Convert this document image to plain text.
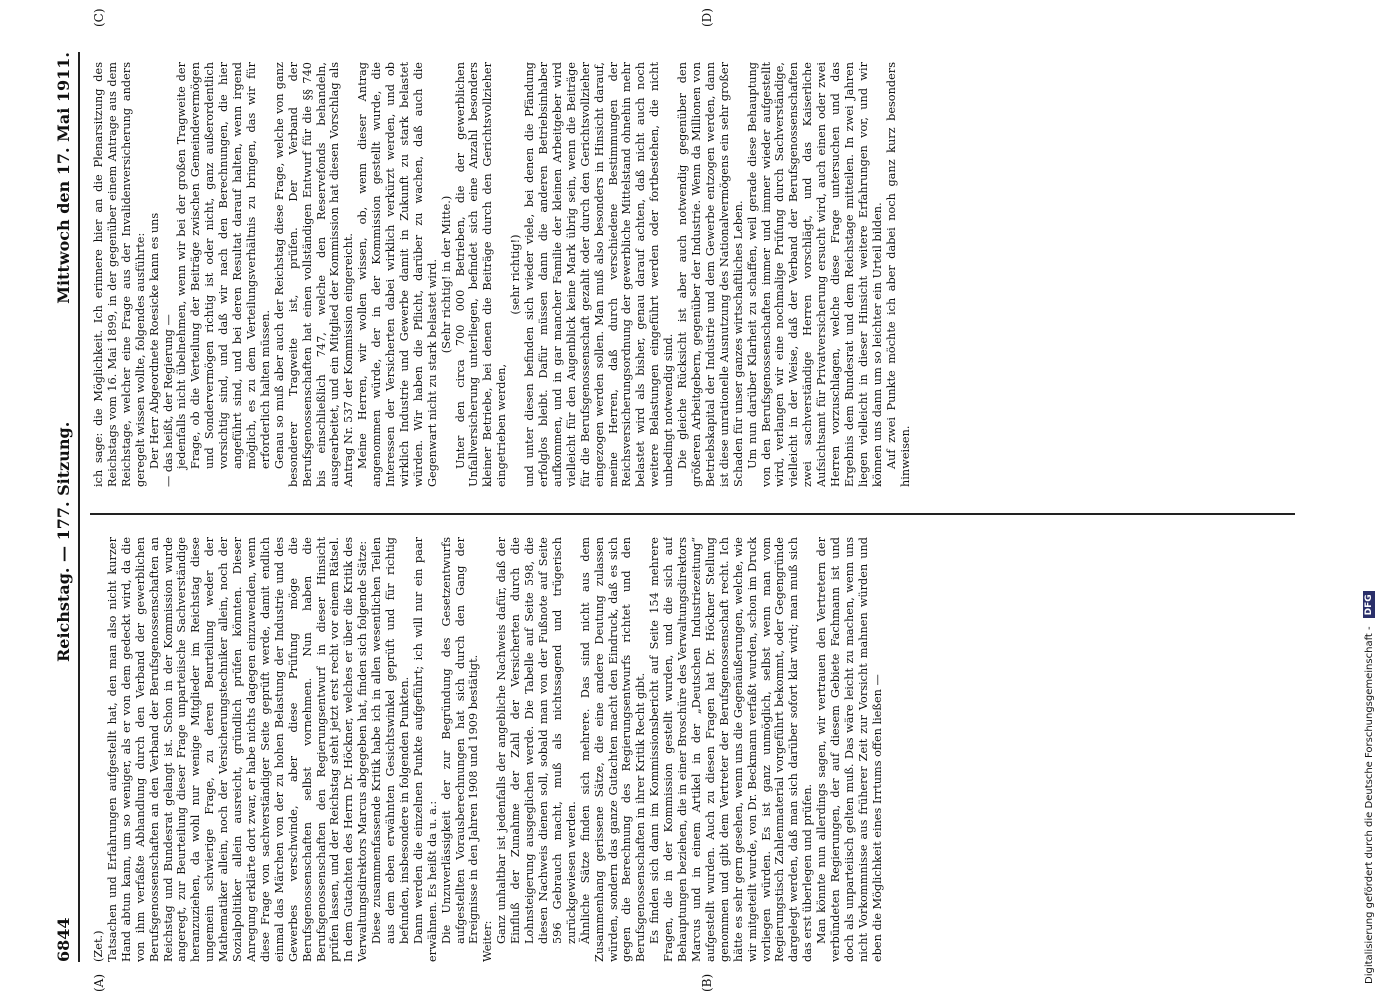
6844
Reichstag. — 177. Sitzung.
Mittwoch den 17. Mai 1911.
(A)	(B)
(C)	(D)

(Zet.) Tatsachen und Erfahrungen aufgestellt hat, den man also nicht kurzer Hand abtun kann, um so weniger, als er von dem gedeckt wird, da die von ihm verfaßte Abhandlung durch den Verband der gewerblichen Berufsgenossenschaften an den Verband der Berufsgenossenschaften an Reichstag und Bundesrat gelangt ist. Schon in der Kommission wurde angeregt, zur Beurteilung dieser Frage unparteiische Sachverständige heranzuziehen, da wohl nur wenige Mitglieder im Reichstag diese ungemein schwierige Frage, zu deren Beurteilung weder der Mathematiker allein, noch der Versicherungstechniker allein, noch der Sozialpolitiker allein ausreicht, gründlich prüfen könnten. Dieser Anregung erklärte dort zwar, er habe nichts dagegen einzuwenden, wenn diese Frage von sachverständiger Seite geprüft werde, damit endlich einmal das Märchen von der zu hohen Belastung der Industrie und des Gewerbes verschwinde, aber diese Prüfung möge die Berufsgenossenschaften selbst vornehmen. Nun haben die Berufsgenossenschaften den Regierungsentwurf in dieser Hinsicht prüfen lassen, und der Reichstag steht jetzt erst recht vor einem Rätsel. In dem Gutachten des Herrn Dr. Höckner, welches er über die Kritik des Verwaltungsdirektors Marcus abgegeben hat, finden sich folgende Sätze: Diese zusammenfassende Kritik habe ich in allen wesentlichen Teilen aus dem eben erwähnten Gesichtswinkel geprüft und für richtig befunden, insbesondere in folgenden Punkten. Dann werden die einzelnen Punkte aufgeführt; ich will nur ein paar erwähnen. Es heißt da u. a.: Die Unzuverlässigkeit der zur Begründung des Gesetzentwurfs aufgestellten Vorausberechnungen hat sich durch den Gang der Ereignisse in den Jahren 1908 und 1909 bestätigt. Weiter: Ganz unhaltbar ist jedenfalls der angebliche Nachweis dafür, daß der Einfluß der Zunahme der Zahl der Versicherten durch die Lohnsteigerung ausgeglichen werde. Die Tabelle auf Seite 598, die diesen Nachweis dienen soll, sobald man von der Fußnote auf Seite 596 Gebrauch macht, muß als nichtssagend und trügerisch zurückgewiesen werden. Ähnliche Sätze finden sich mehrere. Das sind nicht aus dem Zusammenhang gerissene Sätze, die eine andere Deutung zulassen würden, sondern das ganze Gutachten macht den Eindruck, daß es sich gegen die Berechnung des Regierungsentwurfs richtet und den Berufsgenossenschaften in ihrer Kritik Recht gibt. Es finden sich dann im Kommissionsbericht auf Seite 154 mehrere Fragen, die in der Kommission gestellt wurden, und die sich auf Behauptungen beziehen, die in einer Broschüre des Verwaltungsdirektors Marcus und in einem Artikel in der „Deutschen Industriezeitung“ aufgestellt wurden. Auch zu diesen Fragen hat Dr. Höckner Stellung genommen und gibt dem Vertreter der Berufsgenossenschaft recht. Ich hätte es sehr gern gesehen, wenn uns die Gegenäußerungen, welche, wie wir mitgeteilt wurde, von Dr. Beckmann verfaßt wurden, schon im Druck vorliegen würden. Es ist ganz unmöglich, selbst wenn man vom Regierungstisch Zahlenmaterial vorgeführt bekommt, oder Gegengründe dargelegt werden, daß man sich darüber sofort klar wird; man muß sich das erst überlegen und prüfen. Man könnte nun allerdings sagen, wir vertrauen den Vertretern der verbündeten Regierungen, der auf diesem Gebiete Fachmann ist und doch als unparteiisch gelten muß. Das wäre leicht zu machen, wenn uns nicht Vorkommnisse aus früherer Zeit zur Vorsicht mahnen würden und eben die Möglichkeit eines Irrtums offen ließen —

ich sage: die Möglichkeit. Ich erinnere hier an die Plenarsitzung des Reichstags vom 16. Mai 1899, in der gegenüber einem Antrage aus dem Reichstage, welcher eine Frage aus der Invalidenversicherung anders geregelt wissen wollte, folgendes ausführte: Der Herr Abgeordnete Roesicke kann es uns — das heißt, der Regierung — jedenfalls nicht übelnehmen, wenn wir bei der großen Tragweite der Frage, ob die Verteilung der Beiträge zwischen Gemeindevermögen und Sondervermögen richtig ist oder nicht, ganz außerordentlich vorsichtig sind, und daß wir nach den Berechnungen, die hier angeführt sind, und bei deren Resultat darauf halten, wenn irgend möglich, es zu dem Verteilungsverhältnis zu bringen, das wir für erforderlich halten müssen. Genau so muß aber auch der Reichstag diese Frage, welche von ganz besonderer Tragweite ist, prüfen. Der Verband der Berufsgenossenschaften hat einen vollständigen Entwurf für die §§ 740 bis einschließlich 747, welche den Reservefonds behandeln, ausgearbeitet, und ein Mitglied der Kommission hat diesen Vorschlag als Antrag Nr. 537 der Kommission eingereicht. Meine Herren, wir wollen wissen, ob, wenn dieser Antrag angenommen würde, der in der Kommission gestellt wurde, die Interessen der Versicherten dabei wirklich verkürzt werden, und ob wirklich Industrie und Gewerbe damit in Zukunft zu stark belastet würden. Wir haben die Pflicht, darüber zu wachen, daß auch die Gegenwart nicht zu stark belastet wird. (Sehr richtig! in der Mitte.) Unter den circa 700 000 Betrieben, die der gewerblichen Unfallversicherung unterliegen, befindet sich eine Anzahl besonders kleiner Betriebe, bei denen die Beiträge durch den Gerichtsvollzieher eingetrieben werden,

(sehr richtig!) und unter diesen befinden sich wieder viele, bei denen die Pfändung erfolglos bleibt. Dafür müssen dann die anderen Betriebsinhaber aufkommen, und in gar mancher Familie der kleinen Arbeitgeber wird vielleicht für den Augenblick keine Mark übrig sein, wenn die Beiträge für die Berufsgenossenschaft gezahlt oder durch den Gerichtsvollzieher eingezogen werden sollen. Man muß also besonders in Hinsicht darauf, meine Herren, daß durch verschiedene Bestimmungen der Reichsversicherungsordnung der gewerbliche Mittelstand ohnehin mehr belastet wird als bisher, genau darauf achten, daß nicht auch noch weitere Belastungen eingeführt werden oder fortbestehen, die nicht unbedingt notwendig sind. Die gleiche Rücksicht ist aber auch notwendig gegenüber den größeren Arbeitgebern, gegenüber der Industrie. Wenn da Millionen von Betriebskapital der Industrie und dem Gewerbe entzogen werden, dann ist diese unrationelle Ausnutzung des Nationalvermögens ein sehr großer Schaden für unser ganzes wirtschaftliches Leben. Um nun darüber Klarheit zu schaffen, weil gerade diese Behauptung von den Berufsgenossenschaften immer und immer wieder aufgestellt wird, verlangen wir eine nochmalige Prüfung durch Sachverständige, vielleicht in der Weise, daß der Verband der Berufsgenossenschaften zwei sachverständige Herren vorschlägt, und das Kaiserliche Aufsichtsamt für Privatversicherung ersucht wird, auch einen oder zwei Herren vorzuschlagen, welche diese Frage untersuchen und das Ergebnis dem Bundesrat und dem Reichstage mitteilen. In zwei Jahren liegen vielleicht in dieser Hinsicht weitere Erfahrungen vor, und wir können uns dann um so leichter ein Urteil bilden. Auf zwei Punkte möchte ich aber dabei noch ganz kurz besonders hinweisen.

Digitalisierung gefördert durch die Deutsche Forschungsgemeinschaft -
DFG
